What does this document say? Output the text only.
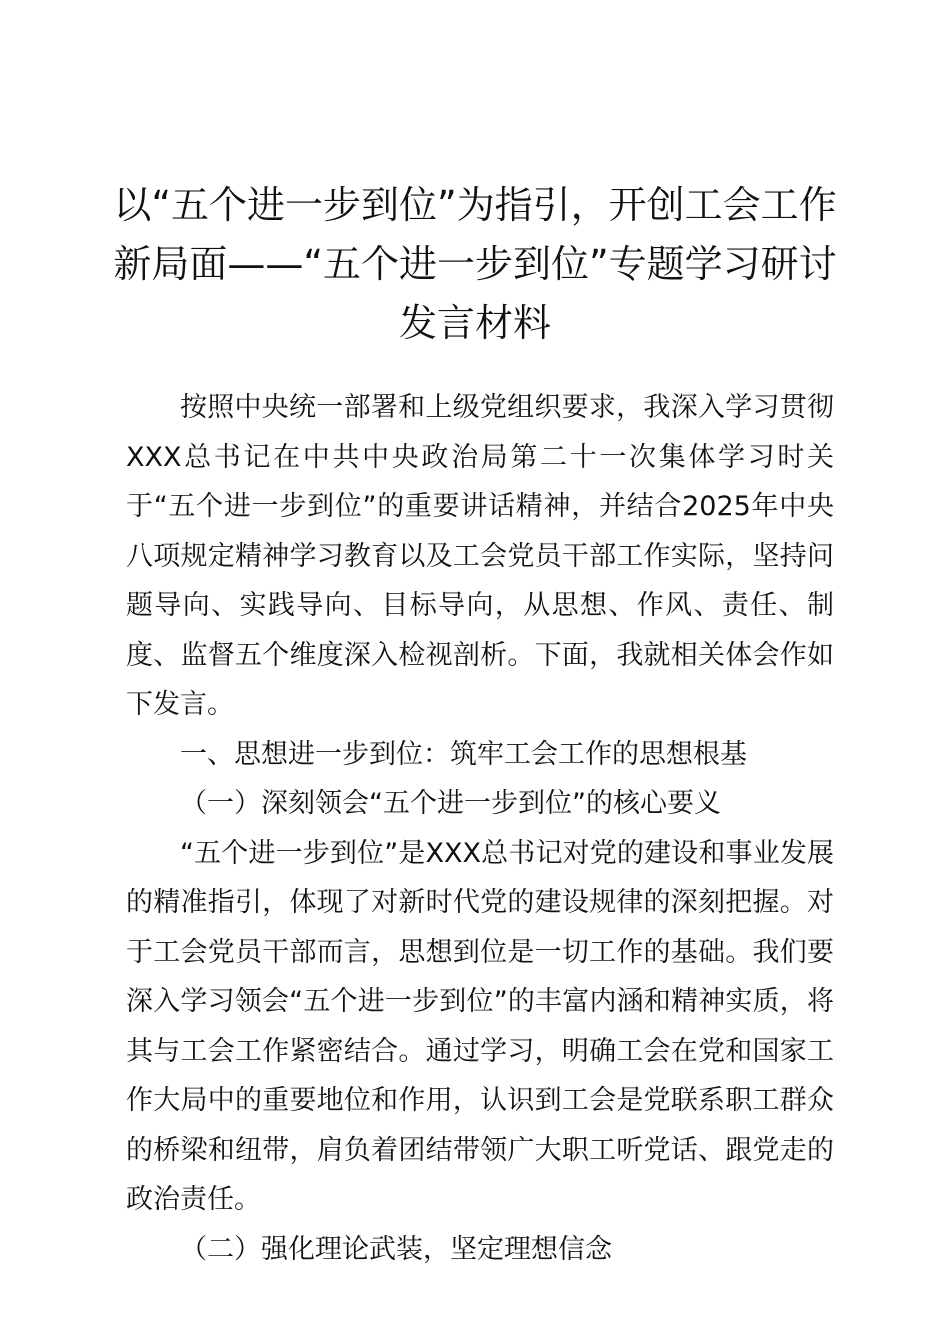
以“五个进一步到位”为指引，开创工会工作新局面——“五个进一步到位”专题学习研讨发言材料

按照中央统一部署和上级党组织要求，我深入学习贯彻XXX总书记在中共中央政治局第二十一次集体学习时关于“五个进一步到位”的重要讲话精神，并结合2025年中央八项规定精神学习教育以及工会党员干部工作实际，坚持问题导向、实践导向、目标导向，从思想、作风、责任、制度、监督五个维度深入检视剖析。下面，我就相关体会作如下发言。

一、思想进一步到位：筑牢工会工作的思想根基

（一）深刻领会“五个进一步到位”的核心要义

“五个进一步到位”是XXX总书记对党的建设和事业发展的精准指引，体现了对新时代党的建设规律的深刻把握。对于工会党员干部而言，思想到位是一切工作的基础。我们要深入学习领会“五个进一步到位”的丰富内涵和精神实质，将其与工会工作紧密结合。通过学习，明确工会在党和国家工作大局中的重要地位和作用，认识到工会是党联系职工群众的桥梁和纽带，肩负着团结带领广大职工听党话、跟党走的政治责任。

（二）强化理论武装，坚定理想信念
